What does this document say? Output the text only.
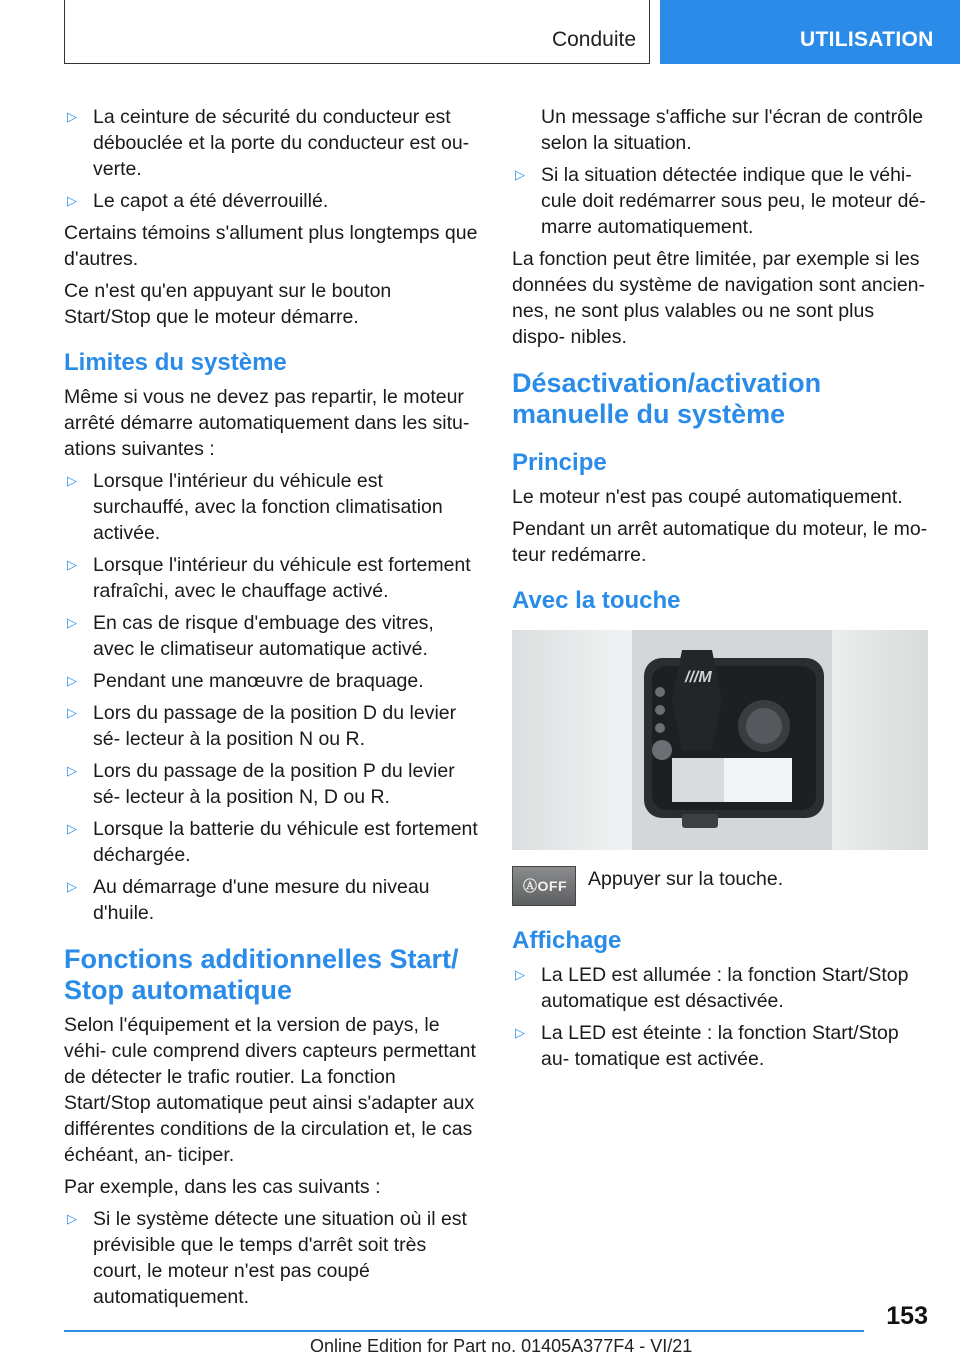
Conduite	UTILISATION
▷ La ceinture de sécurité du conducteur est débouclée et la porte du conducteur est ou- verte.
▷ Le capot a été déverrouillé.

Certains témoins s'allument plus longtemps que d'autres.

Ce n'est qu'en appuyant sur le bouton Start/Stop que le moteur démarre.

Limites du système

Même si vous ne devez pas repartir, le moteur arrêté démarre automatiquement dans les situ- ations suivantes :

▷ Lorsque l'intérieur du véhicule est surchauffé, avec la fonction climatisation activée.
▷ Lorsque l'intérieur du véhicule est fortement rafraîchi, avec le chauffage activé.
▷ En cas de risque d'embuage des vitres, avec le climatiseur automatique activé.
▷ Pendant une manœuvre de braquage.
▷ Lors du passage de la position D du levier sé- lecteur à la position N ou R.
▷ Lors du passage de la position P du levier sé- lecteur à la position N, D ou R.
▷ Lorsque la batterie du véhicule est fortement déchargée.
▷ Au démarrage d'une mesure du niveau d'huile.
Fonctions additionnelles Start/ Stop automatique

Selon l'équipement et la version de pays, le véhi- cule comprend divers capteurs permettant de détecter le trafic routier. La fonction Start/Stop automatique peut ainsi s'adapter aux différentes conditions de la circulation et, le cas échéant, an- ticiper.

Par exemple, dans les cas suivants :

▷ Si le système détecte une situation où il est prévisible que le temps d'arrêt soit très court, le moteur n'est pas coupé automatiquement.
Un message s'affiche sur l'écran de contrôle selon la situation.
▷ Si la situation détectée indique que le véhi- cule doit redémarrer sous peu, le moteur dé- marre automatiquement.

La fonction peut être limitée, par exemple si les données du système de navigation sont ancien- nes, ne sont plus valables ou ne sont plus dispo- nibles.

Désactivation/activation manuelle du système
Principe

Le moteur n'est pas coupé automatiquement.

Pendant un arrêt automatique du moteur, le mo- teur redémarre.

Avec la touche
///M
ⒶOFF	Appuyer sur la touche.
Affichage
▷ La LED est allumée : la fonction Start/Stop automatique est désactivée.
▷ La LED est éteinte : la fonction Start/Stop au- tomatique est activée.
153
Online Edition for Part no. 01405A377F4 - VI/21
